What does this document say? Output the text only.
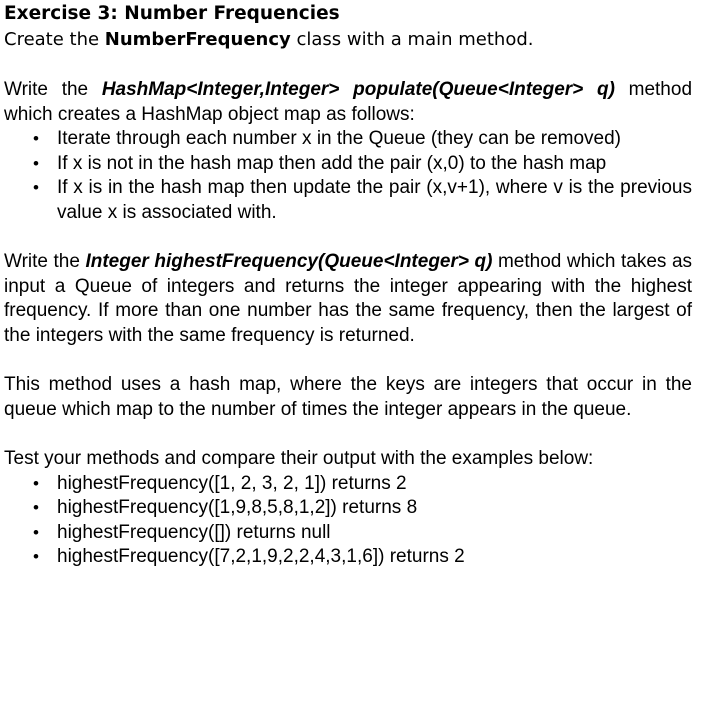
Exercise 3: Number Frequencies
Create the NumberFrequency class with a main method.

Write the HashMap<Integer,Integer> populate(Queue<Integer> q) method which creates a HashMap object map as follows:

• Iterate through each number x in the Queue (they can be removed)
• If x is not in the hash map then add the pair (x,0) to the hash map
• If x is in the hash map then update the pair (x,v+1), where v is the previous value x is associated with.

Write the Integer highestFrequency(Queue<Integer> q) method which takes as input a Queue of integers and returns the integer appearing with the highest frequency. If more than one number has the same frequency, then the largest of the integers with the same frequency is returned.

This method uses a hash map, where the keys are integers that occur in the queue which map to the number of times the integer appears in the queue.

Test your methods and compare their output with the examples below:

• highestFrequency([1, 2, 3, 2, 1]) returns 2
• highestFrequency([1,9,8,5,8,1,2]) returns 8
• highestFrequency([]) returns null
• highestFrequency([7,2,1,9,2,2,4,3,1,6]) returns 2
